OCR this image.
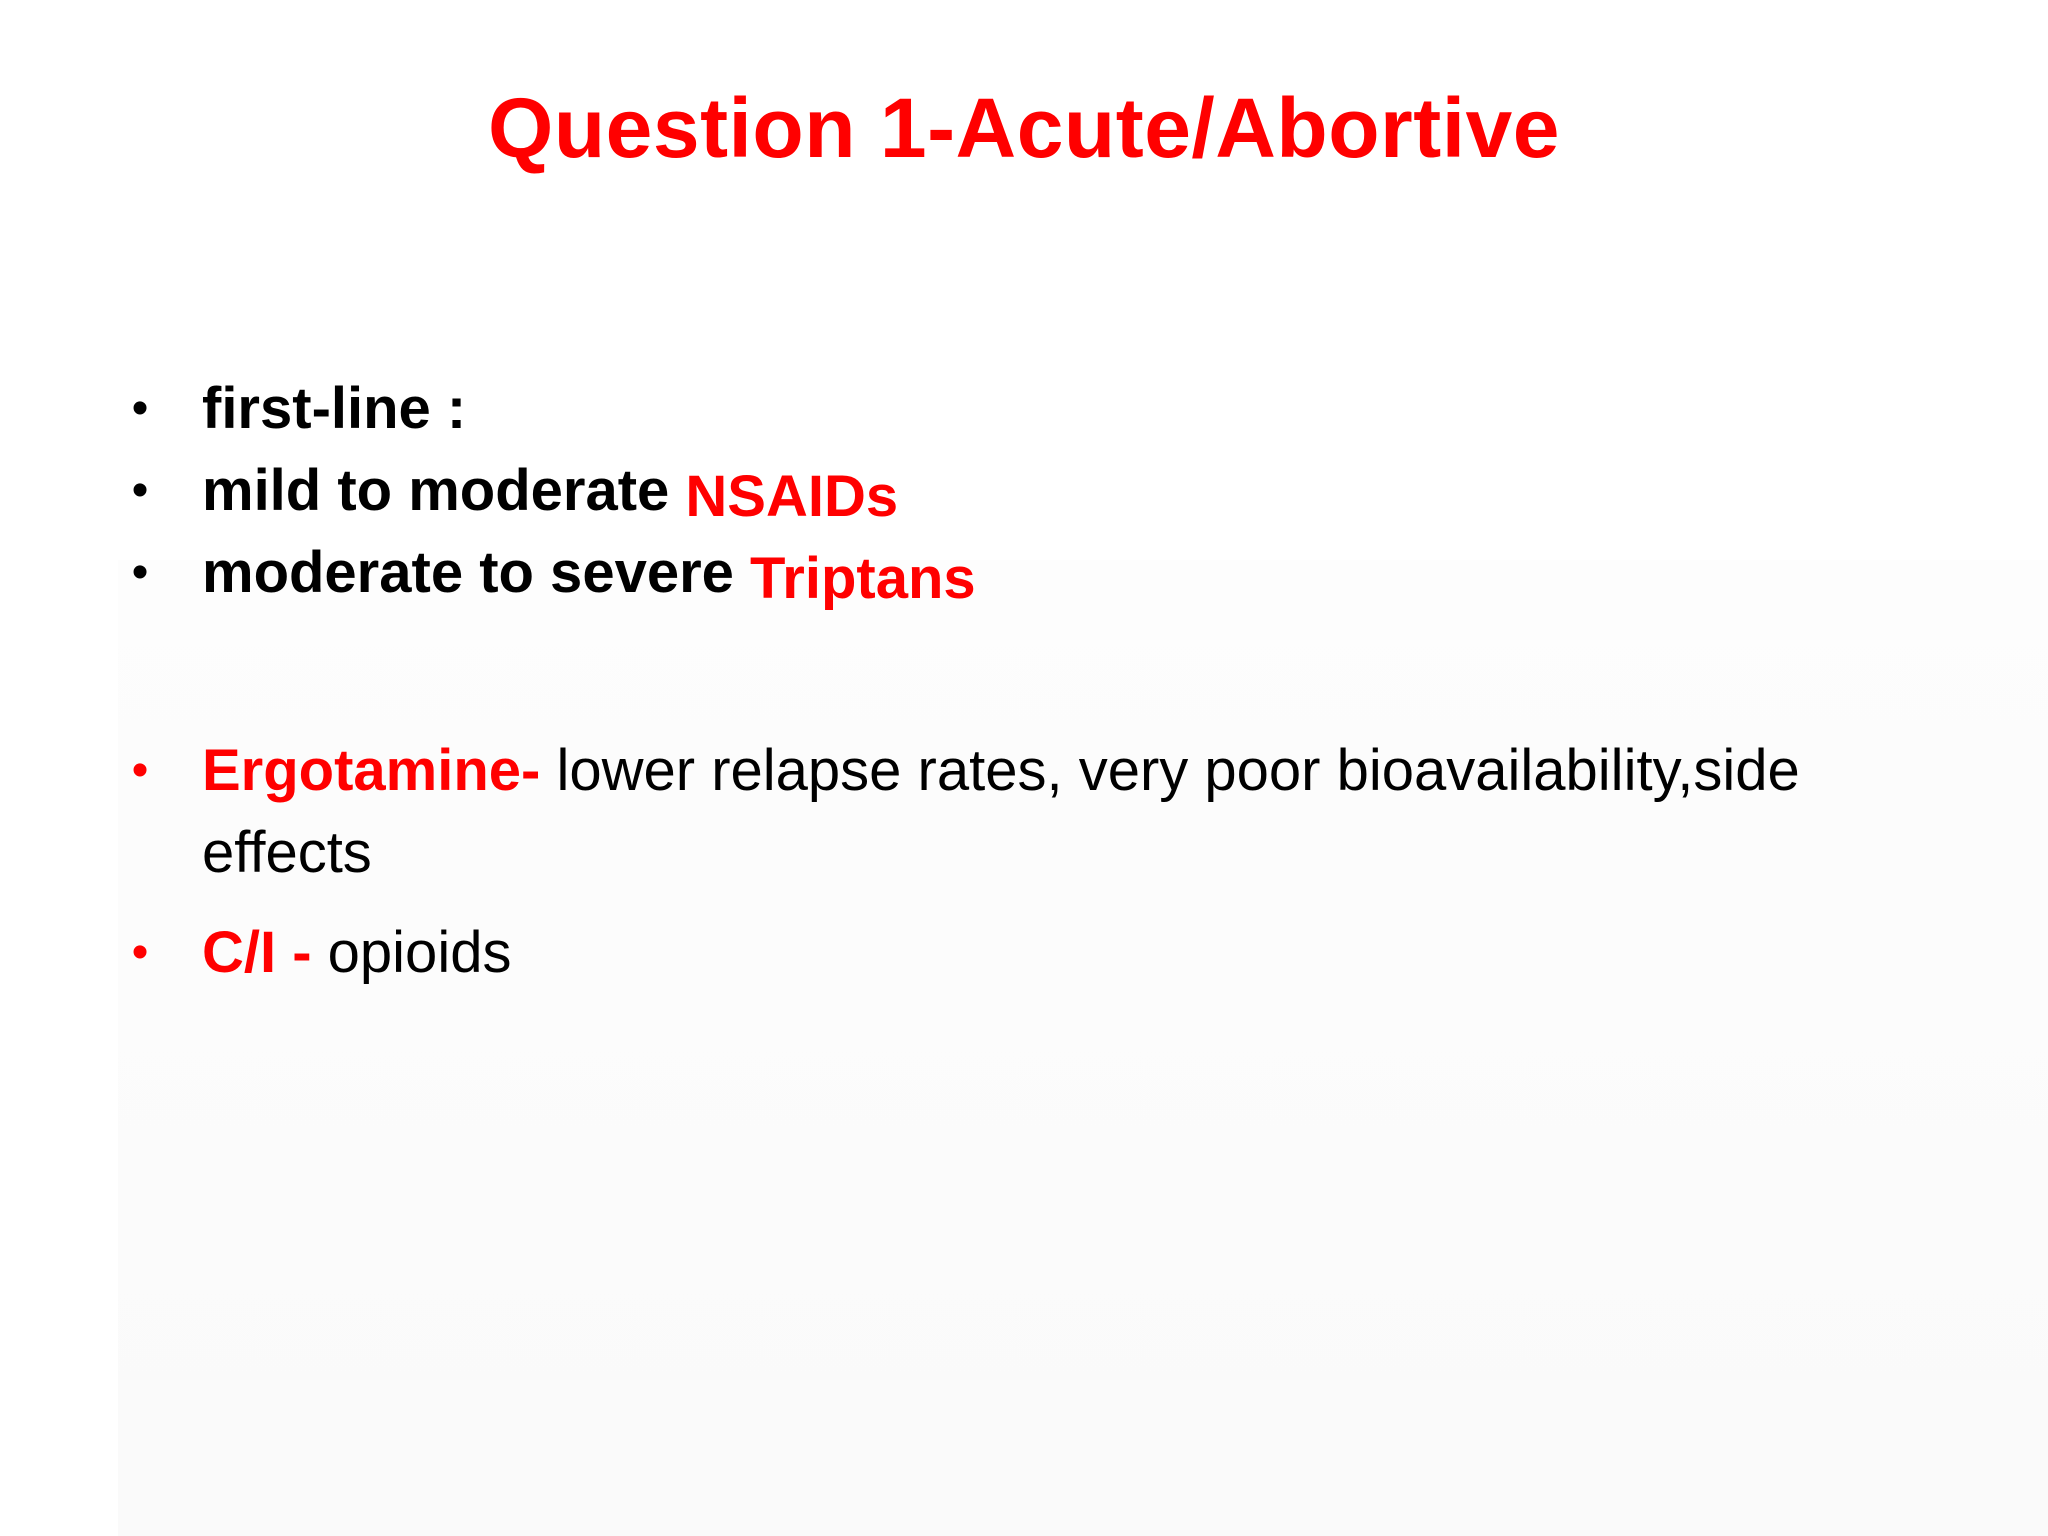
Question 1-Acute/Abortive
• first-line :
• mild to moderate NSAIDs
• moderate to severe Triptans
• Ergotamine- lower relapse rates, very poor bioavailability,side effects
• C/I - opioids
